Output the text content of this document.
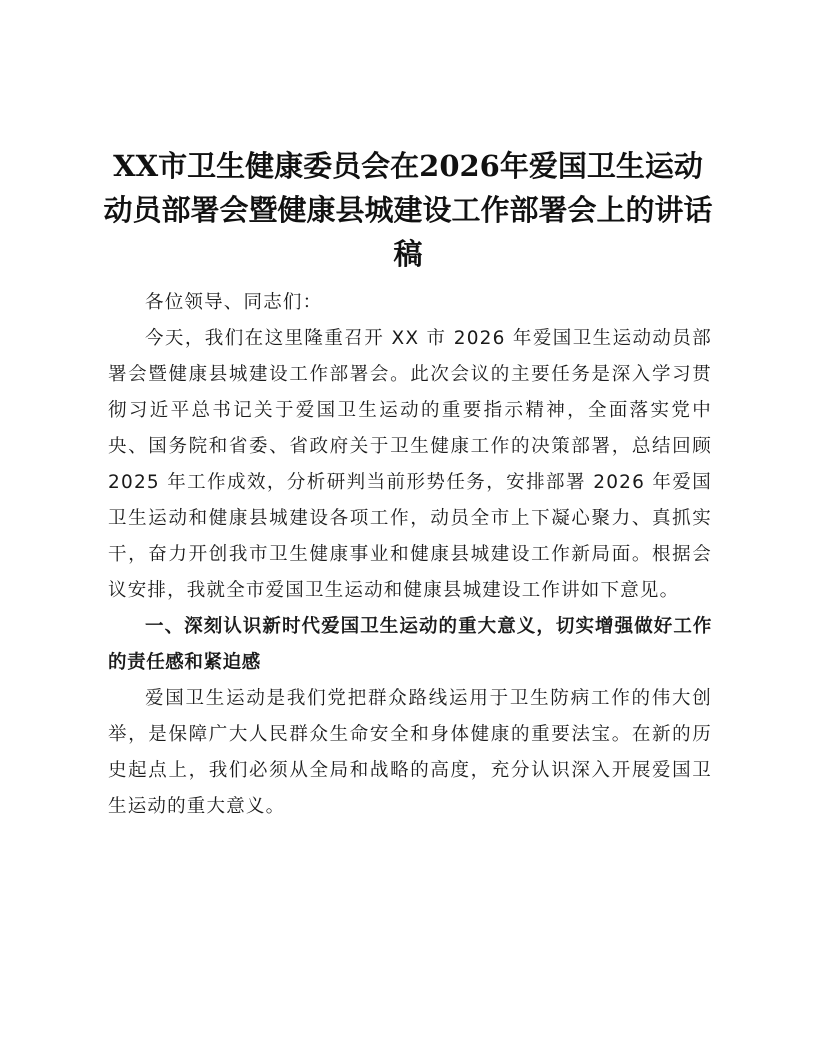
XX市卫生健康委员会在2026年爱国卫生运动动员部署会暨健康县城建设工作部署会上的讲话稿

各位领导、同志们：

今天，我们在这里隆重召开 XX 市 2026 年爱国卫生运动动员部署会暨健康县城建设工作部署会。此次会议的主要任务是深入学习贯彻习近平总书记关于爱国卫生运动的重要指示精神，全面落实党中央、国务院和省委、省政府关于卫生健康工作的决策部署，总结回顾 2025 年工作成效，分析研判当前形势任务，安排部署 2026 年爱国卫生运动和健康县城建设各项工作，动员全市上下凝心聚力、真抓实干，奋力开创我市卫生健康事业和健康县城建设工作新局面。根据会议安排，我就全市爱国卫生运动和健康县城建设工作讲如下意见。

一、深刻认识新时代爱国卫生运动的重大意义，切实增强做好工作的责任感和紧迫感

爱国卫生运动是我们党把群众路线运用于卫生防病工作的伟大创举，是保障广大人民群众生命安全和身体健康的重要法宝。在新的历史起点上，我们必须从全局和战略的高度，充分认识深入开展爱国卫生运动的重大意义。
